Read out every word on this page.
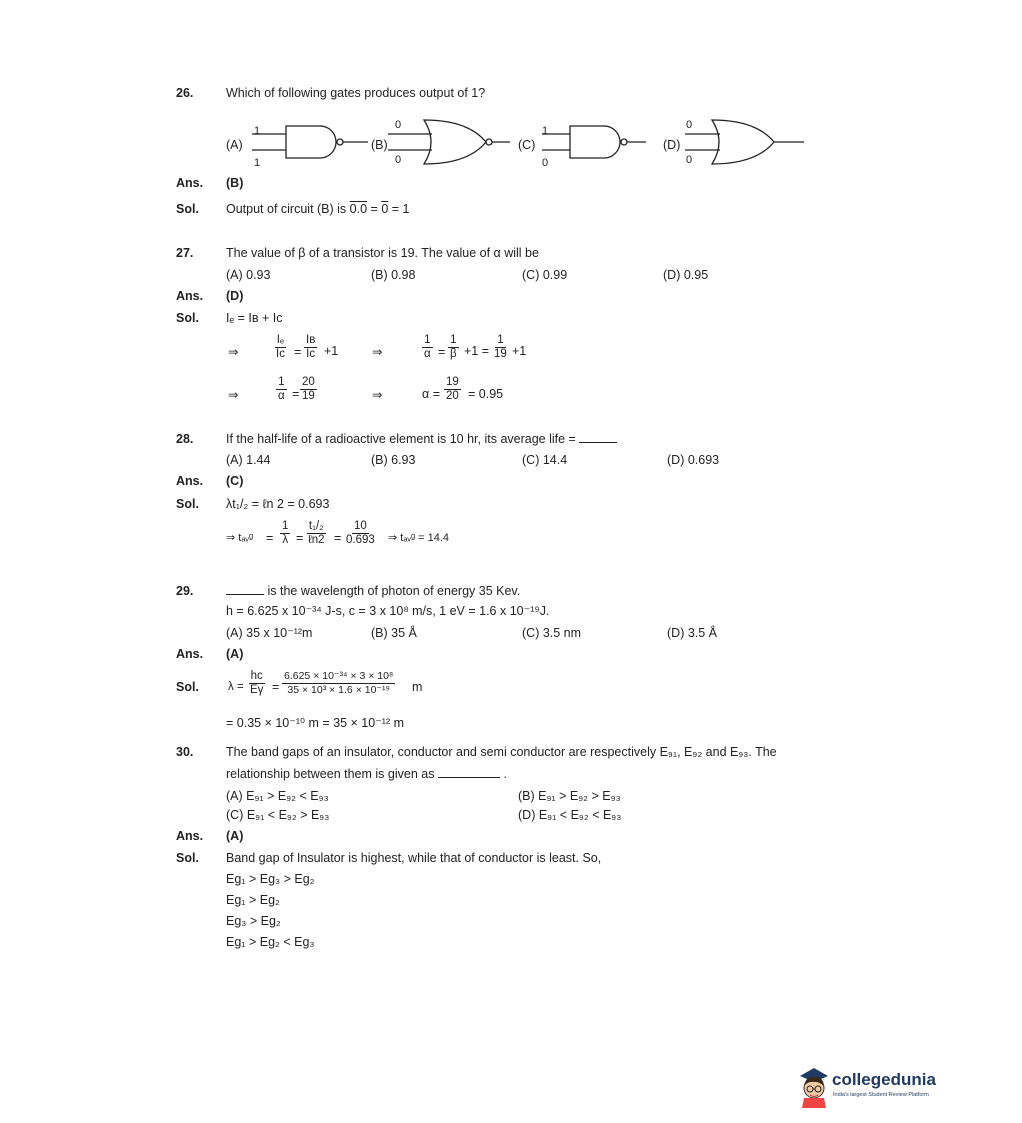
26.	Which of following gates produces output of 1?
(A)
1
1
(B)
0
0
(C)
1
0
(D)
0
0
Ans. (B)
Sol. Output of circuit (B) is 0.0 = 0 = 1
27.	The value of β of a transistor is 19. The value of α will be
(A) 0.93	(B) 0.98	(C) 0.99	(D) 0.95
Ans. (D)
Sol. Iₑ = Iʙ + Iᴄ
⇒	$\frac{\text{Iₑ}}{\text{Iᴄ}} = \frac{\text{Iʙ}}{\text{Iᴄ}} +1$	⇒	$\frac{1}{\alpha} = \frac{1}{\beta} +1 = \frac{1}{19} +1$
⇒	$\frac{1}{\alpha} = \frac{20}{19}$	⇒	$\alpha = \frac{19}{20} = 0.95$
28.	If the half-life of a radioactive element is 10 hr, its average life =
(A) 1.44	(B) 6.93	(C) 14.4	(D) 0.693
Ans. (C)
Sol. λt₁/₂ = ℓn 2 = 0.693
⇒ tₐᵥᵍ = $\frac{1}{\lambda}$ =
t₁/₂
ℓn2 = $\frac{10}{0.693}$ ⇒ tₐᵥᵍ = 14.4
29.	is the wavelength of photon of energy 35 Kev.
h = 6.625 x 10⁻³⁴ J-s, c = 3 x 10⁸ m/s, 1 eV = 1.6 x 10⁻¹⁹J.
(A) 35 x 10⁻¹²m	(B) 35 Å	(C) 3.5 nm	(D) 3.5 Å
Ans. (A)
Sol.	$\lambda = \frac{hc}{E\gamma} = \frac{\text{6.625 × 10⁻³⁴ × 3 × 10⁸}}{\text{35 × 10³ × 1.6 × 10⁻¹⁹}}$ m
= 0.35 × 10⁻¹⁰ m = 35 × 10⁻¹² m
30.	The band gaps of an insulator, conductor and semi conductor are respectively E₉₁, E₉₂ and E₉₃. The
relationship between them is given as	.
(A) E₉₁ > E₉₂ < E₉₃	(B) E₉₁ > E₉₂ > E₉₃
(C) E₉₁ < E₉₂ > E₉₃	(D) E₉₁ < E₉₂ < E₉₃
Ans. (A)
Sol. Band gap of Insulator is highest, while that of conductor is least. So,
Eg₁ > Eg₃ > Eg₂
Eg₁ > Eg₂
Eg₃ > Eg₂
Eg₁ > Eg₂ < Eg₃
collegedunia
India's largest Student Review Platform
